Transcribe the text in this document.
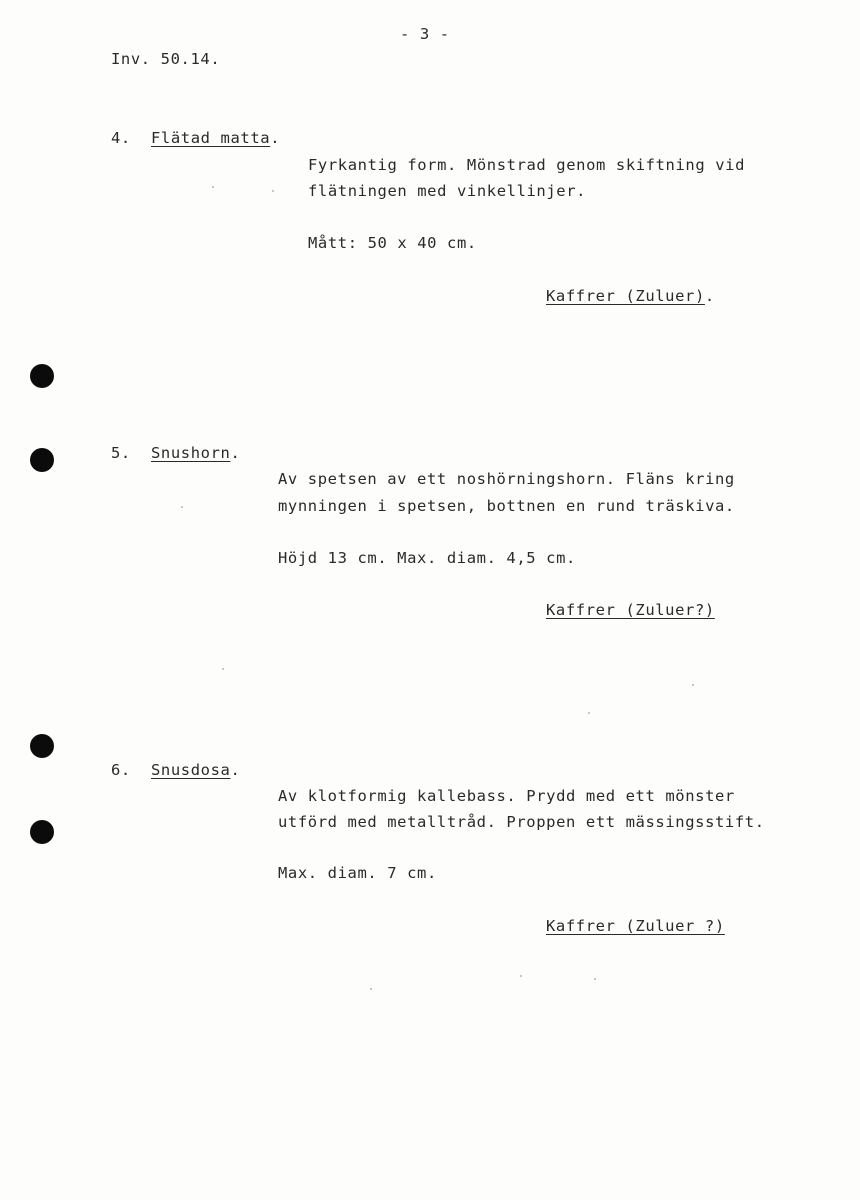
- 3 -
Inv. 50.14.
4. Flätad matta.
Fyrkantig form. Mönstrad genom skiftning vid
flätningen med vinkellinjer.
Mått: 50 x 40 cm.
Kaffrer (Zuluer).
5. Snushorn.
Av spetsen av ett noshörningshorn. Fläns kring
mynningen i spetsen, bottnen en rund träskiva.
Höjd 13 cm. Max. diam. 4,5 cm.
Kaffrer (Zuluer?)
6. Snusdosa.
Av klotformig kallebass. Prydd med ett mönster
utförd med metalltråd. Proppen ett mässingsstift.
Max. diam. 7 cm.
Kaffrer (Zuluer ?)
